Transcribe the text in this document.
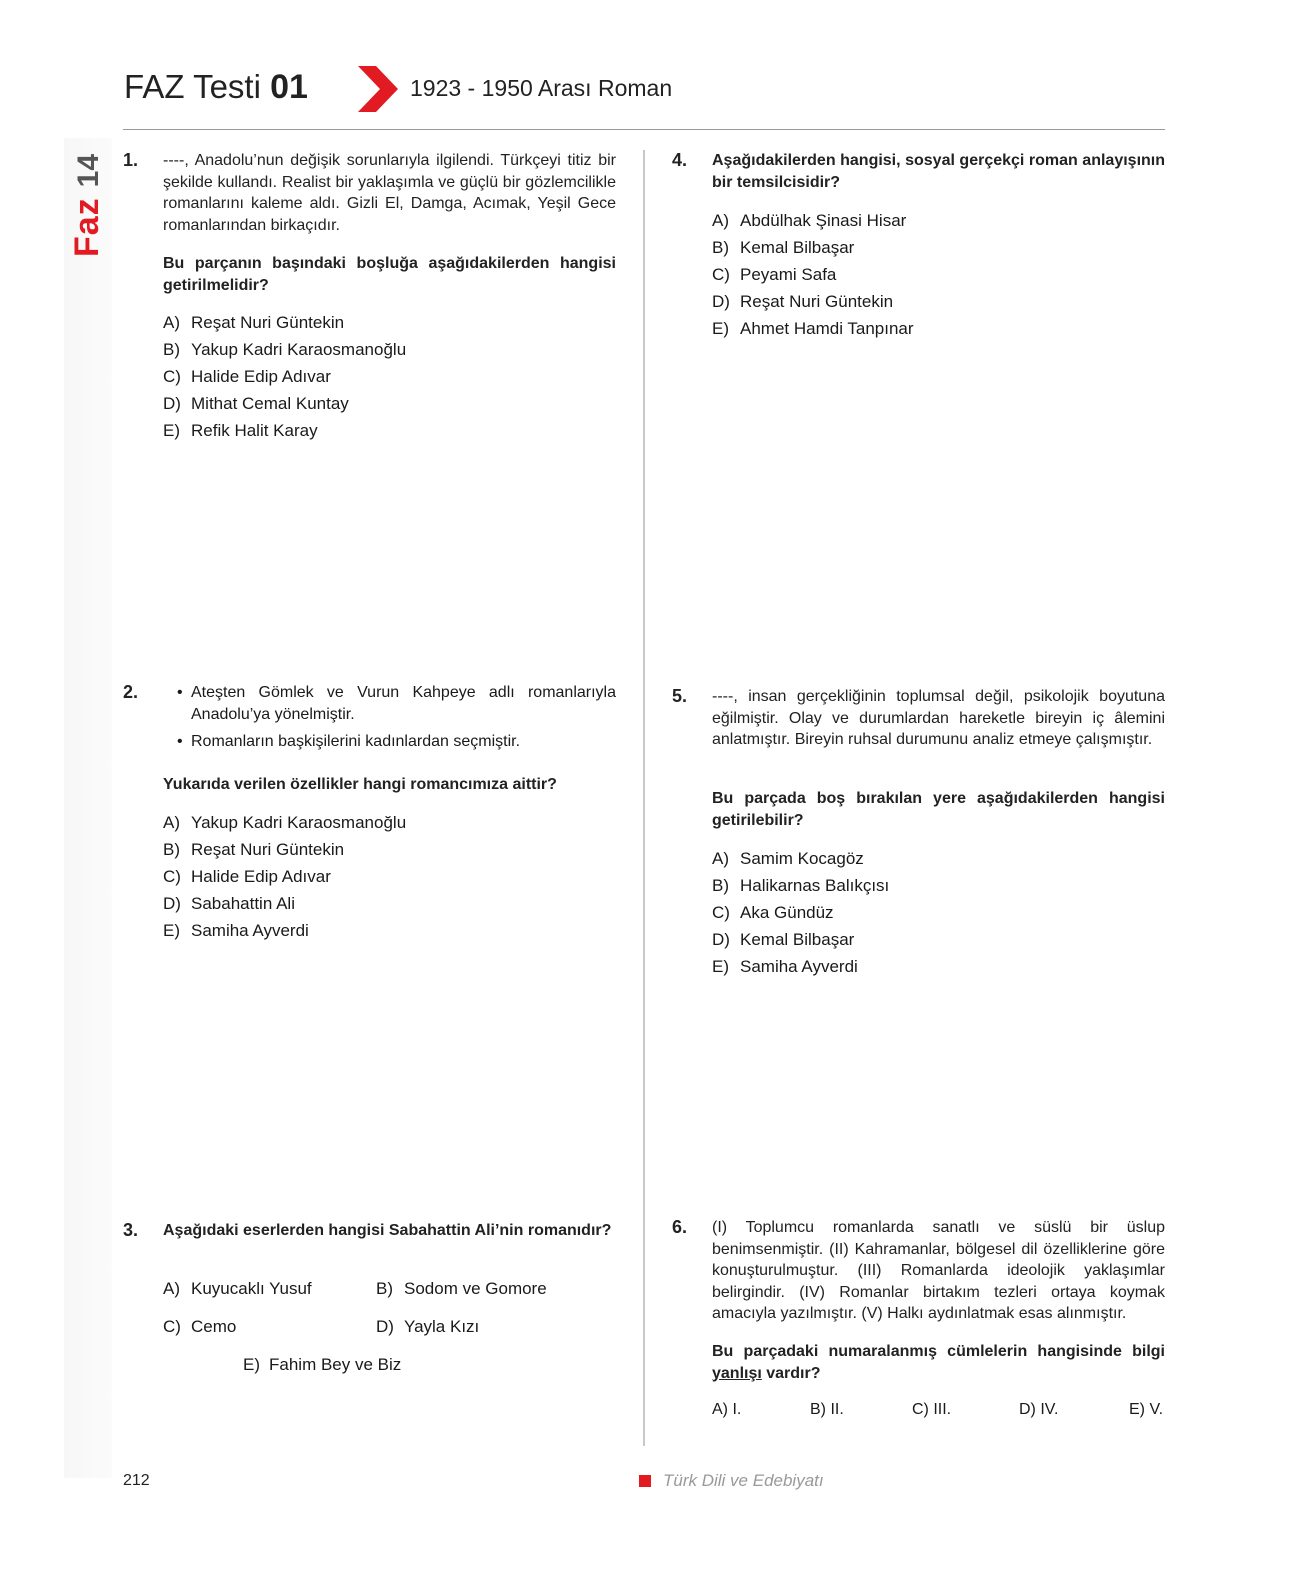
Faz
14
FAZ Testi 01	1923 - 1950 Arası Roman
1. ----, Anadolu’nun değişik sorunlarıyla ilgilendi. Türkçeyi titiz bir şekilde kullandı. Realist bir yaklaşımla ve güçlü bir gözlemcilikle romanlarını kaleme aldı. Gizli El, Damga, Acımak, Yeşil Gece romanlarından birkaçıdır.
Bu parçanın başındaki boşluğa aşağıdakilerden hangisi getirilmelidir?
A) Reşat Nuri Güntekin
B) Yakup Kadri Karaosmanoğlu
C) Halide Edip Adıvar
D) Mithat Cemal Kuntay
E) Refik Halit Karay
2.
•	Ateşten Gömlek ve Vurun Kahpeye adlı romanlarıyla Anadolu’ya yönelmiştir.
• Romanların başkişilerini kadınlardan seçmiştir.
Yukarıda verilen özellikler hangi romancımıza aittir?
A) Yakup Kadri Karaosmanoğlu
B) Reşat Nuri Güntekin
C) Halide Edip Adıvar
D) Sabahattin Ali
E) Samiha Ayverdi
3. Aşağıdaki eserlerden hangisi Sabahattin Ali’nin romanıdır?
A) Kuyucaklı Yusuf	B) Sodom ve Gomore
C) Cemo	D) Yayla Kızı
E) Fahim Bey ve Biz
4. Aşağıdakilerden hangisi, sosyal gerçekçi roman anlayışının bir temsilcisidir?
A) Abdülhak Şinasi Hisar
B) Kemal Bilbaşar
C) Peyami Safa
D) Reşat Nuri Güntekin
E) Ahmet Hamdi Tanpınar
5. ----, insan gerçekliğinin toplumsal değil, psikolojik boyutuna eğilmiştir. Olay ve durumlardan hareketle bireyin iç âlemini anlatmıştır. Bireyin ruhsal durumunu analiz etmeye çalışmıştır.
Bu parçada boş bırakılan yere aşağıdakilerden hangisi getirilebilir?
A) Samim Kocagöz
B) Halikarnas Balıkçısı
C) Aka Gündüz
D) Kemal Bilbaşar
E) Samiha Ayverdi
6. (I) Toplumcu romanlarda sanatlı ve süslü bir üslup benimsenmiştir. (II) Kahramanlar, bölgesel dil özelliklerine göre konuşturulmuştur. (III) Romanlarda ideolojik yaklaşımlar belirgindir. (IV) Romanlar birtakım tezleri ortaya koymak amacıyla yazılmıştır. (V) Halkı aydınlatmak esas alınmıştır.
Bu parçadaki numaralanmış cümlelerin hangisinde bilgi yanlışı vardır?
A) I.	B) II.	C) III.	D) IV.	E) V.
212	Türk Dili ve Edebiyatı
